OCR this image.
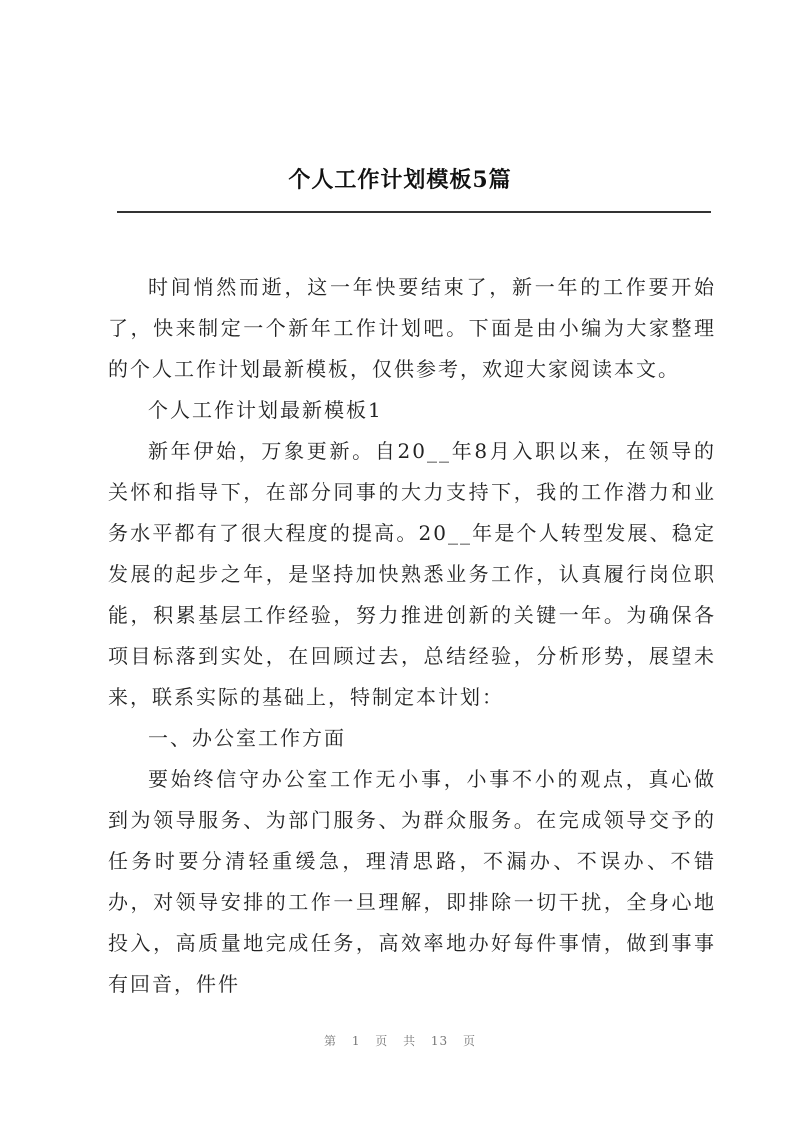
个人工作计划模板5篇

时间悄然而逝，这一年快要结束了，新一年的工作要开始了，快来制定一个新年工作计划吧。下面是由小编为大家整理的个人工作计划最新模板，仅供参考，欢迎大家阅读本文。

个人工作计划最新模板1

新年伊始，万象更新。自20__年8月入职以来，在领导的关怀和指导下，在部分同事的大力支持下，我的工作潜力和业务水平都有了很大程度的提高。20__年是个人转型发展、稳定发展的起步之年，是坚持加快熟悉业务工作，认真履行岗位职能，积累基层工作经验，努力推进创新的关键一年。为确保各项目标落到实处，在回顾过去，总结经验，分析形势，展望未来，联系实际的基础上，特制定本计划：

一、办公室工作方面

要始终信守办公室工作无小事，小事不小的观点，真心做到为领导服务、为部门服务、为群众服务。在完成领导交予的任务时要分清轻重缓急，理清思路，不漏办、不误办、不错办，对领导安排的工作一旦理解，即排除一切干扰，全身心地投入，高质量地完成任务，高效率地办好每件事情，做到事事有回音，件件

第 1 页 共 13 页
